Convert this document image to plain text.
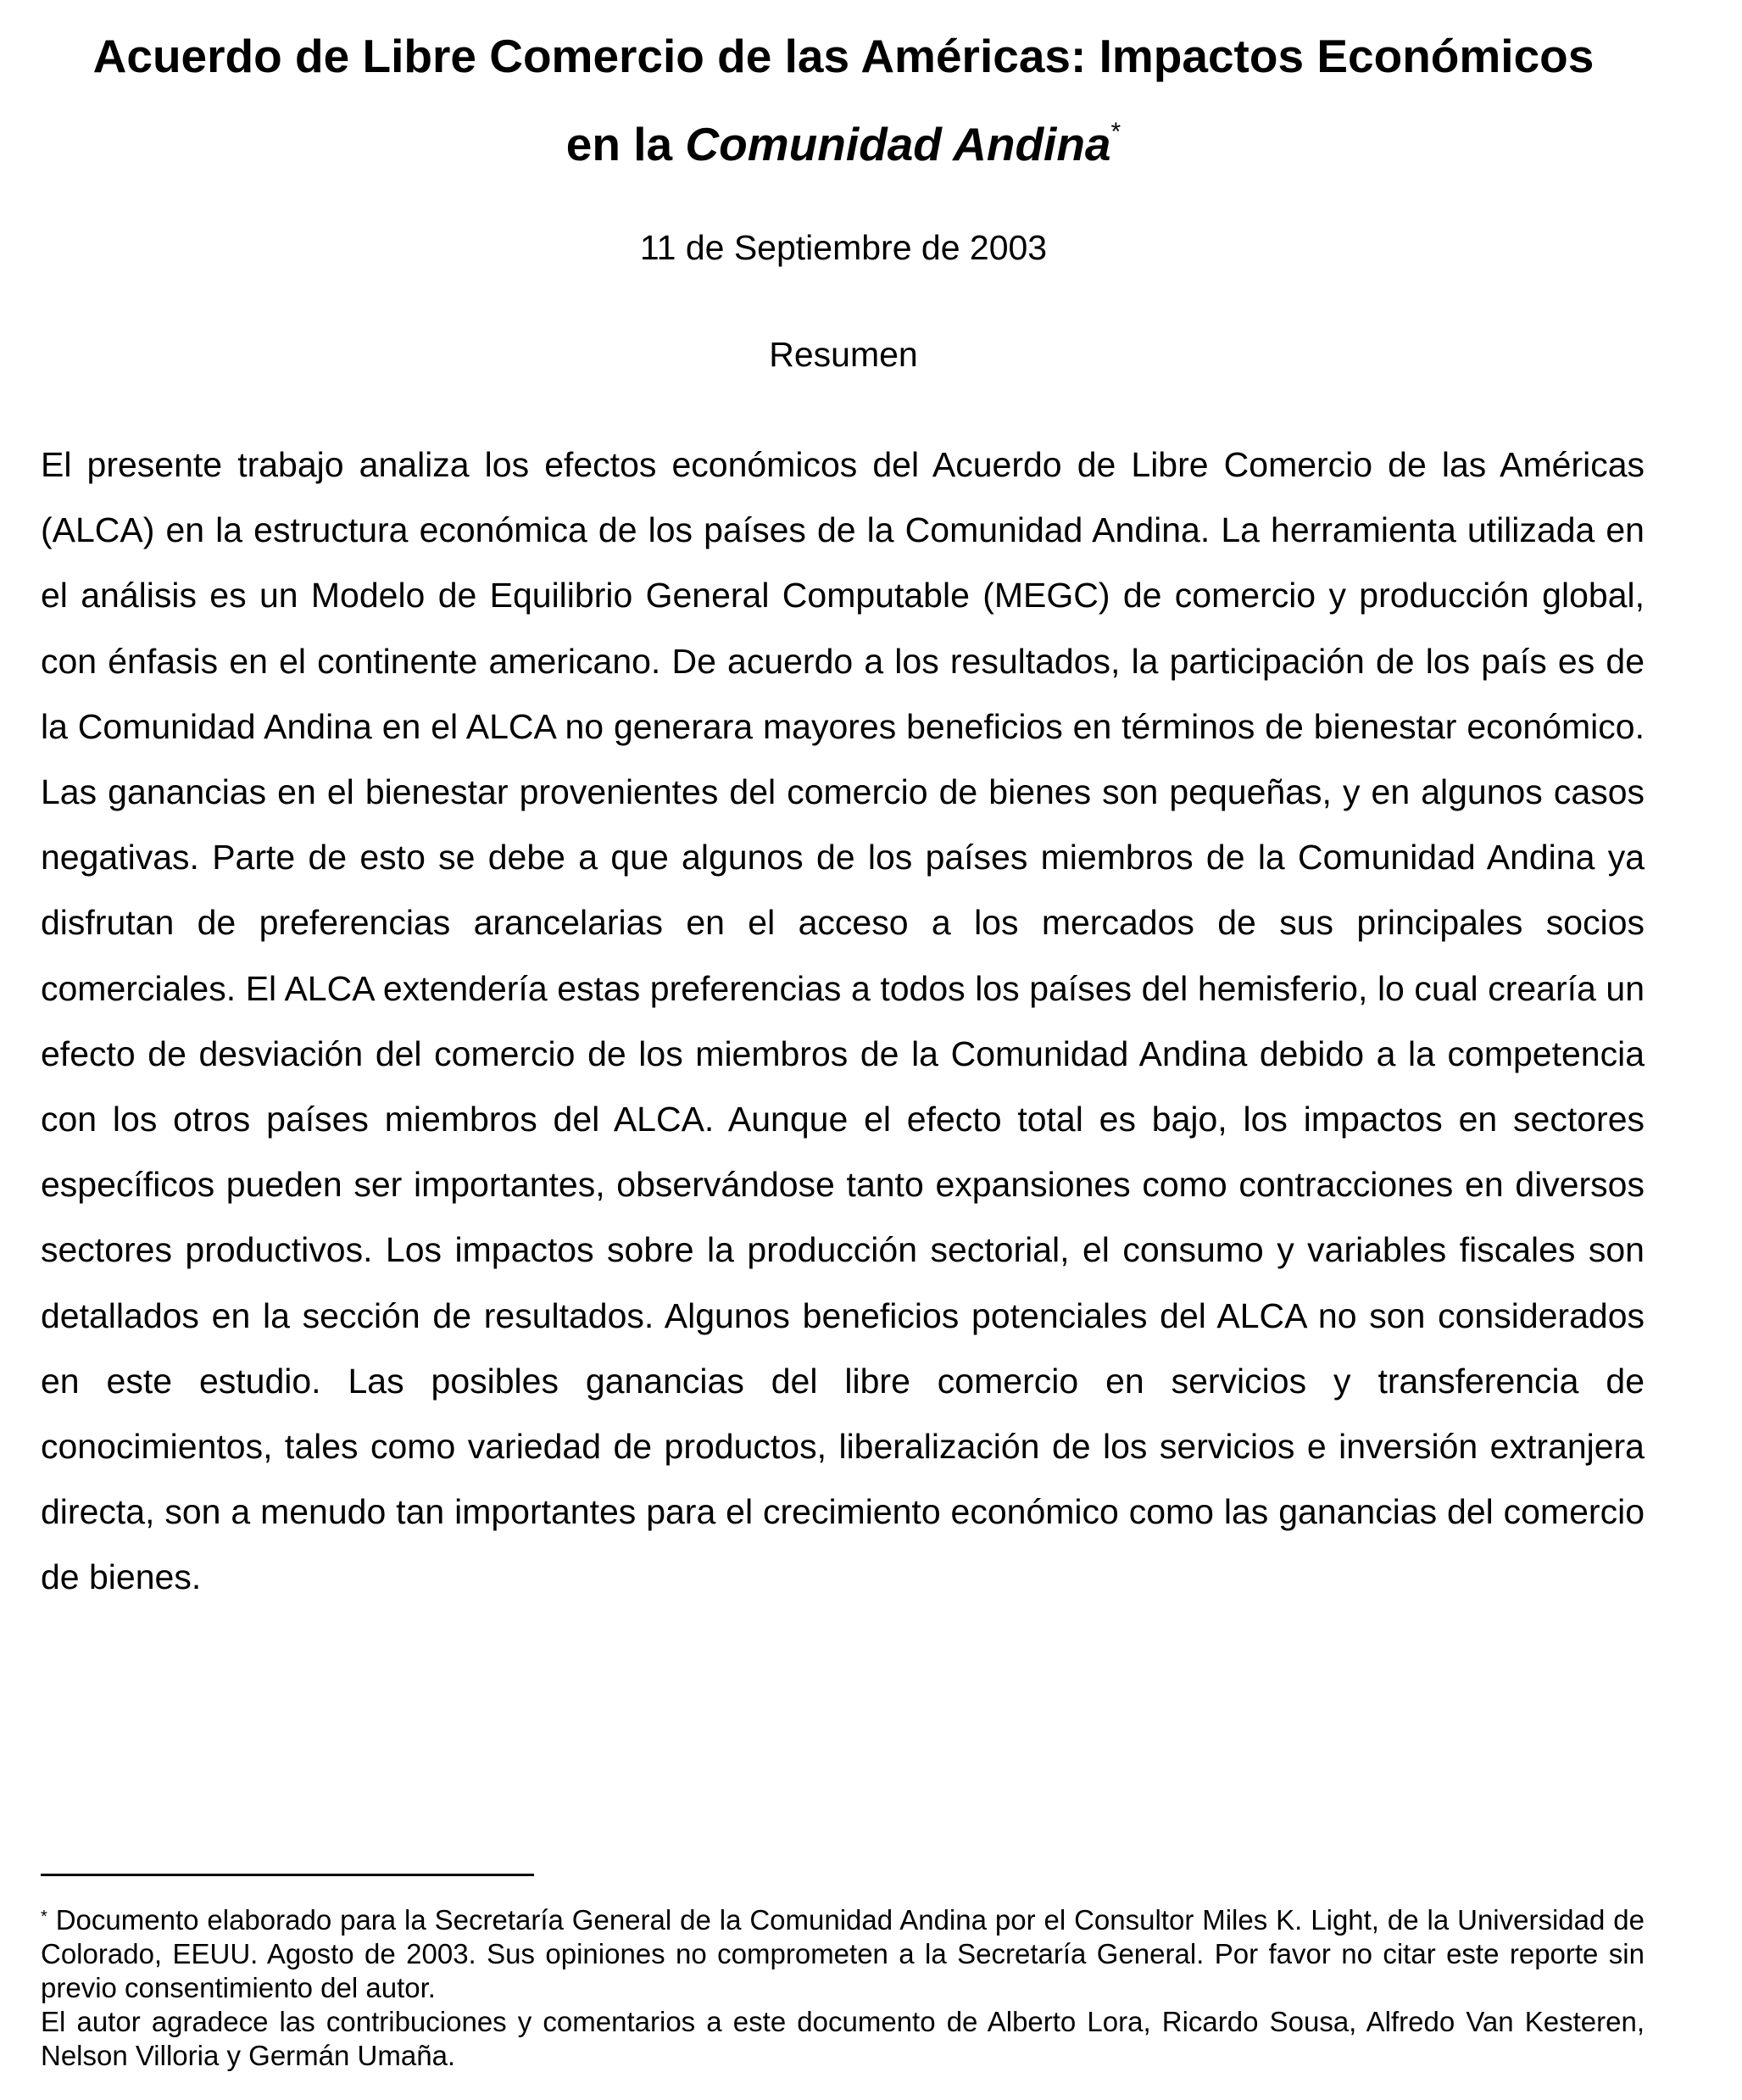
Acuerdo de Libre Comercio de las Américas: Impactos Económicos
en la Comunidad Andina*
11 de Septiembre de 2003
Resumen

El presente trabajo analiza los efectos económicos del Acuerdo de Libre Comercio de las Américas (ALCA) en la estructura económica de los países de la Comunidad Andina. La herramienta utilizada en el análisis es un Modelo de Equilibrio General Computable (MEGC) de comercio y producción global, con énfasis en el continente americano. De acuerdo a los resultados, la participación de los país es de la Comunidad Andina en el ALCA no generara mayores beneficios en términos de bienestar económico. Las ganancias en el bienestar provenientes del comercio de bienes son pequeñas, y en algunos casos negativas. Parte de esto se debe a que algunos de los países miembros de la Comunidad Andina ya disfrutan de preferencias arancelarias en el acceso a los mercados de sus principales socios comerciales. El ALCA extendería estas preferencias a todos los países del hemisferio, lo cual crearía un efecto de desviación del comercio de los miembros de la Comunidad Andina debido a la competencia con los otros países miembros del ALCA. Aunque el efecto total es bajo, los impactos en sectores específicos pueden ser importantes, observándose tanto expansiones como contracciones en diversos sectores productivos. Los impactos sobre la producción sectorial, el consumo y variables fiscales son detallados en la sección de resultados. Algunos beneficios potenciales del ALCA no son considerados en este estudio. Las posibles ganancias del libre comercio en servicios y transferencia de conocimientos, tales como variedad de productos, liberalización de los servicios e inversión extranjera directa, son a menudo tan importantes para el crecimiento económico como las ganancias del comercio de bienes.

* Documento elaborado para la Secretaría General de la Comunidad Andina por el Consultor Miles K. Light, de la Universidad de Colorado, EEUU. Agosto de 2003. Sus opiniones no comprometen a la Secretaría General. Por favor no citar este reporte sin previo consentimiento del autor.

El autor agradece las contribuciones y comentarios a este documento de Alberto Lora, Ricardo Sousa, Alfredo Van Kesteren, Nelson Villoria y Germán Umaña.
